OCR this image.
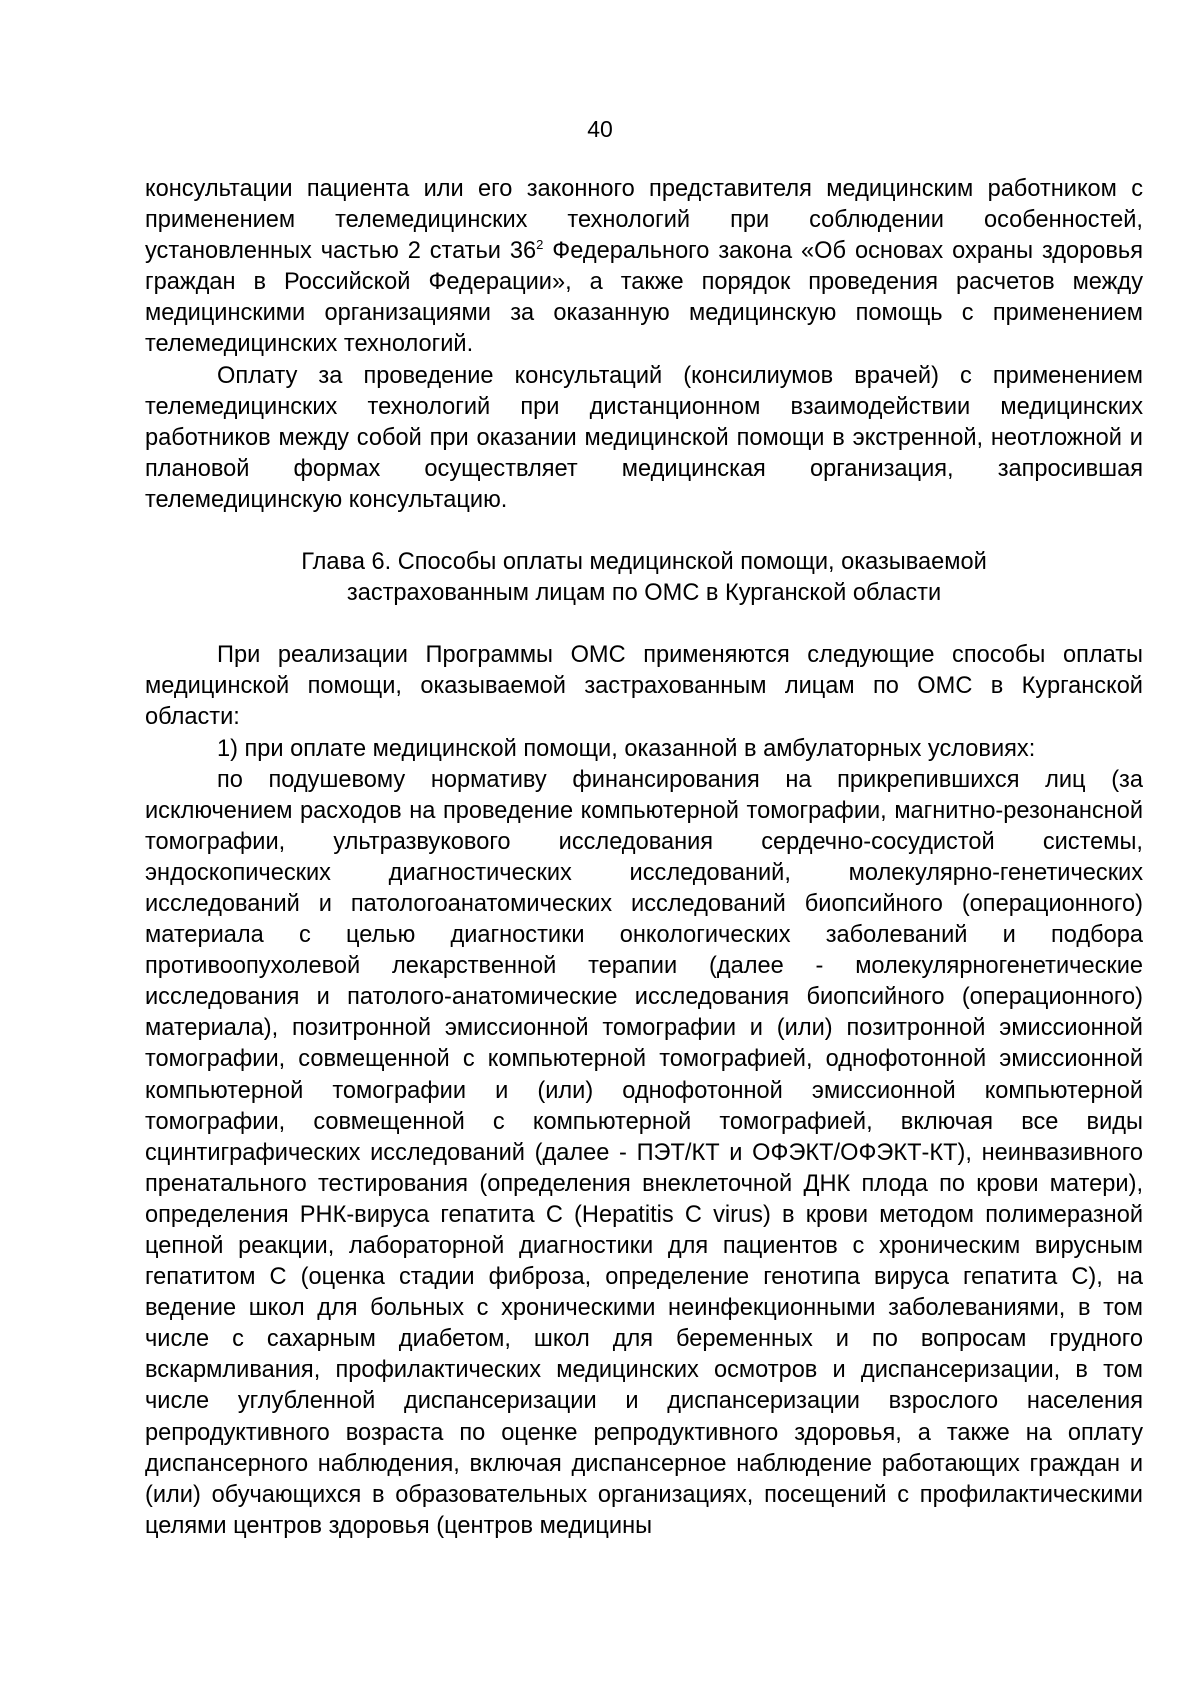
40

консультации пациента или его законного представителя медицинским работником с применением телемедицинских технологий при соблюдении особенностей, установленных частью 2 статьи $36^2$ Федерального закона «Об основах охраны здоровья граждан в Российской Федерации», а также порядок проведения расчетов между медицинскими организациями за оказанную медицинскую помощь с применением телемедицинских технологий.

Оплату за проведение консультаций (консилиумов врачей) с применением телемедицинских технологий при дистанционном взаимодействии медицинских работников между собой при оказании медицинской помощи в экстренной, неотложной и плановой формах осуществляет медицинская организация, запросившая телемедицинскую консультацию.

Глава 6. Способы оплаты медицинской помощи, оказываемой
застрахованным лицам по ОМС в Курганской области

При реализации Программы ОМС применяются следующие способы оплаты медицинской помощи, оказываемой застрахованным лицам по ОМС в Курганской области:

1) при оплате медицинской помощи, оказанной в амбулаторных условиях:

по подушевому нормативу финансирования на прикрепившихся лиц (за исключением расходов на проведение компьютерной томографии, магнитно-резонансной томографии, ультразвукового исследования сердечно-сосудистой системы, эндоскопических диагностических исследований, молекулярно-генетических исследований и патологоанатомических исследований биопсийного (операционного) материала с целью диагностики онкологических заболеваний и подбора противоопухолевой лекарственной терапии (далее - молекулярногенетические исследования и патолого-анатомические исследования биопсийного (операционного) материала), позитронной эмиссионной томографии и (или) позитронной эмиссионной томографии, совмещенной с компьютерной томографией, однофотонной эмиссионной компьютерной томографии и (или) однофотонной эмиссионной компьютерной томографии, совмещенной с компьютерной томографией, включая все виды сцинтиграфических исследований (далее - ПЭТ/КТ и ОФЭКТ/ОФЭКТ-КТ), неинвазивного пренатального тестирования (определения внеклеточной ДНК плода по крови матери), определения РНК-вируса гепатита С (Hepatitis C virus) в крови методом полимеразной цепной реакции, лабораторной диагностики для пациентов с хроническим вирусным гепатитом С (оценка стадии фиброза, определение генотипа вируса гепатита С), на ведение школ для больных с хроническими неинфекционными заболеваниями, в том числе с сахарным диабетом, школ для беременных и по вопросам грудного вскармливания, профилактических медицинских осмотров и диспансеризации, в том числе углубленной диспансеризации и диспансеризации взрослого населения репродуктивного возраста по оценке репродуктивного здоровья, а также на оплату диспансерного наблюдения, включая диспансерное наблюдение работающих граждан и (или) обучающихся в образовательных организациях, посещений с профилактическими целями центров здоровья (центров медицины
